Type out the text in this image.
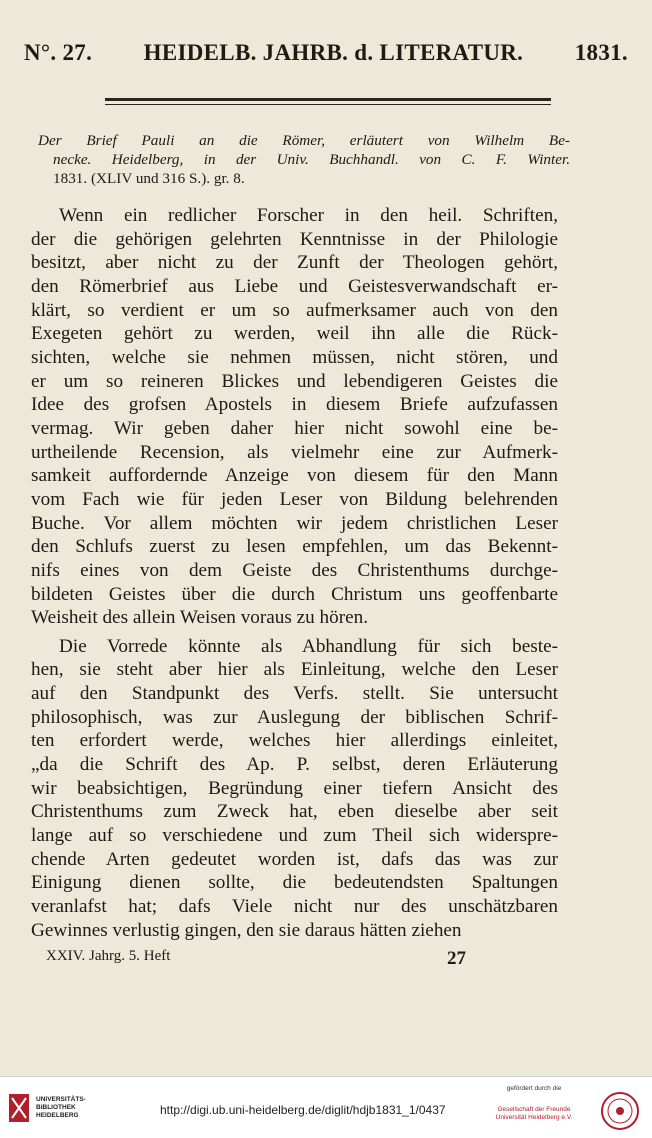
N°. 27. HEIDELB. JAHRB. d. LITERATUR. 1831.
Der Brief Pauli an die Römer, erläutert von Wilhelm Be-
necke. Heidelberg, in der Univ. Buchhandl. von C. F. Winter.
1831. (XLIV und 316 S.). gr. 8.
Wenn ein redlicher Forscher in den heil. Schriften,
der die gehörigen gelehrten Kenntnisse in der Philologie
besitzt, aber nicht zu der Zunft der Theologen gehört,
den Römerbrief aus Liebe und Geistesverwandschaft er-
klärt, so verdient er um so aufmerksamer auch von den
Exegeten gehört zu werden, weil ihn alle die Rück-
sichten, welche sie nehmen müssen, nicht stören, und
er um so reineren Blickes und lebendigeren Geistes die
Idee des grofsen Apostels in diesem Briefe aufzufassen
vermag. Wir geben daher hier nicht sowohl eine be-
urtheilende Recension, als vielmehr eine zur Aufmerk-
samkeit auffordernde Anzeige von diesem für den Mann
vom Fach wie für jeden Leser von Bildung belehrenden
Buche. Vor allem möchten wir jedem christlichen Leser
den Schlufs zuerst zu lesen empfehlen, um das Bekennt-
nifs eines von dem Geiste des Christenthums durchge-
bildeten Geistes über die durch Christum uns geoffenbarte
Weisheit des allein Weisen voraus zu hören.
Die Vorrede könnte als Abhandlung für sich beste-
hen, sie steht aber hier als Einleitung, welche den Leser
auf den Standpunkt des Verfs. stellt. Sie untersucht
philosophisch, was zur Auslegung der biblischen Schrif-
ten erfordert werde, welches hier allerdings einleitet,
„da die Schrift des Ap. P. selbst, deren Erläuterung
wir beabsichtigen, Begründung einer tiefern Ansicht des
Christenthums zum Zweck hat, eben dieselbe aber seit
lange auf so verschiedene und zum Theil sich widerspre-
chende Arten gedeutet worden ist, dafs das was zur
Einigung dienen sollte, die bedeutendsten Spaltungen
veranlafst hat; dafs Viele nicht nur des unschätzbaren
Gewinnes verlustig gingen, den sie daraus hätten ziehen
XXIV. Jahrg. 5. Heft	27
UNIVERSITÄTS-
BIBLIOTHEK
HEIDELBERG	http://digi.ub.uni-heidelberg.de/diglit/hdjb1831_1/0437
gefördert durch die
Gesellschaft der Freunde
Universität Heidelberg e.V.
